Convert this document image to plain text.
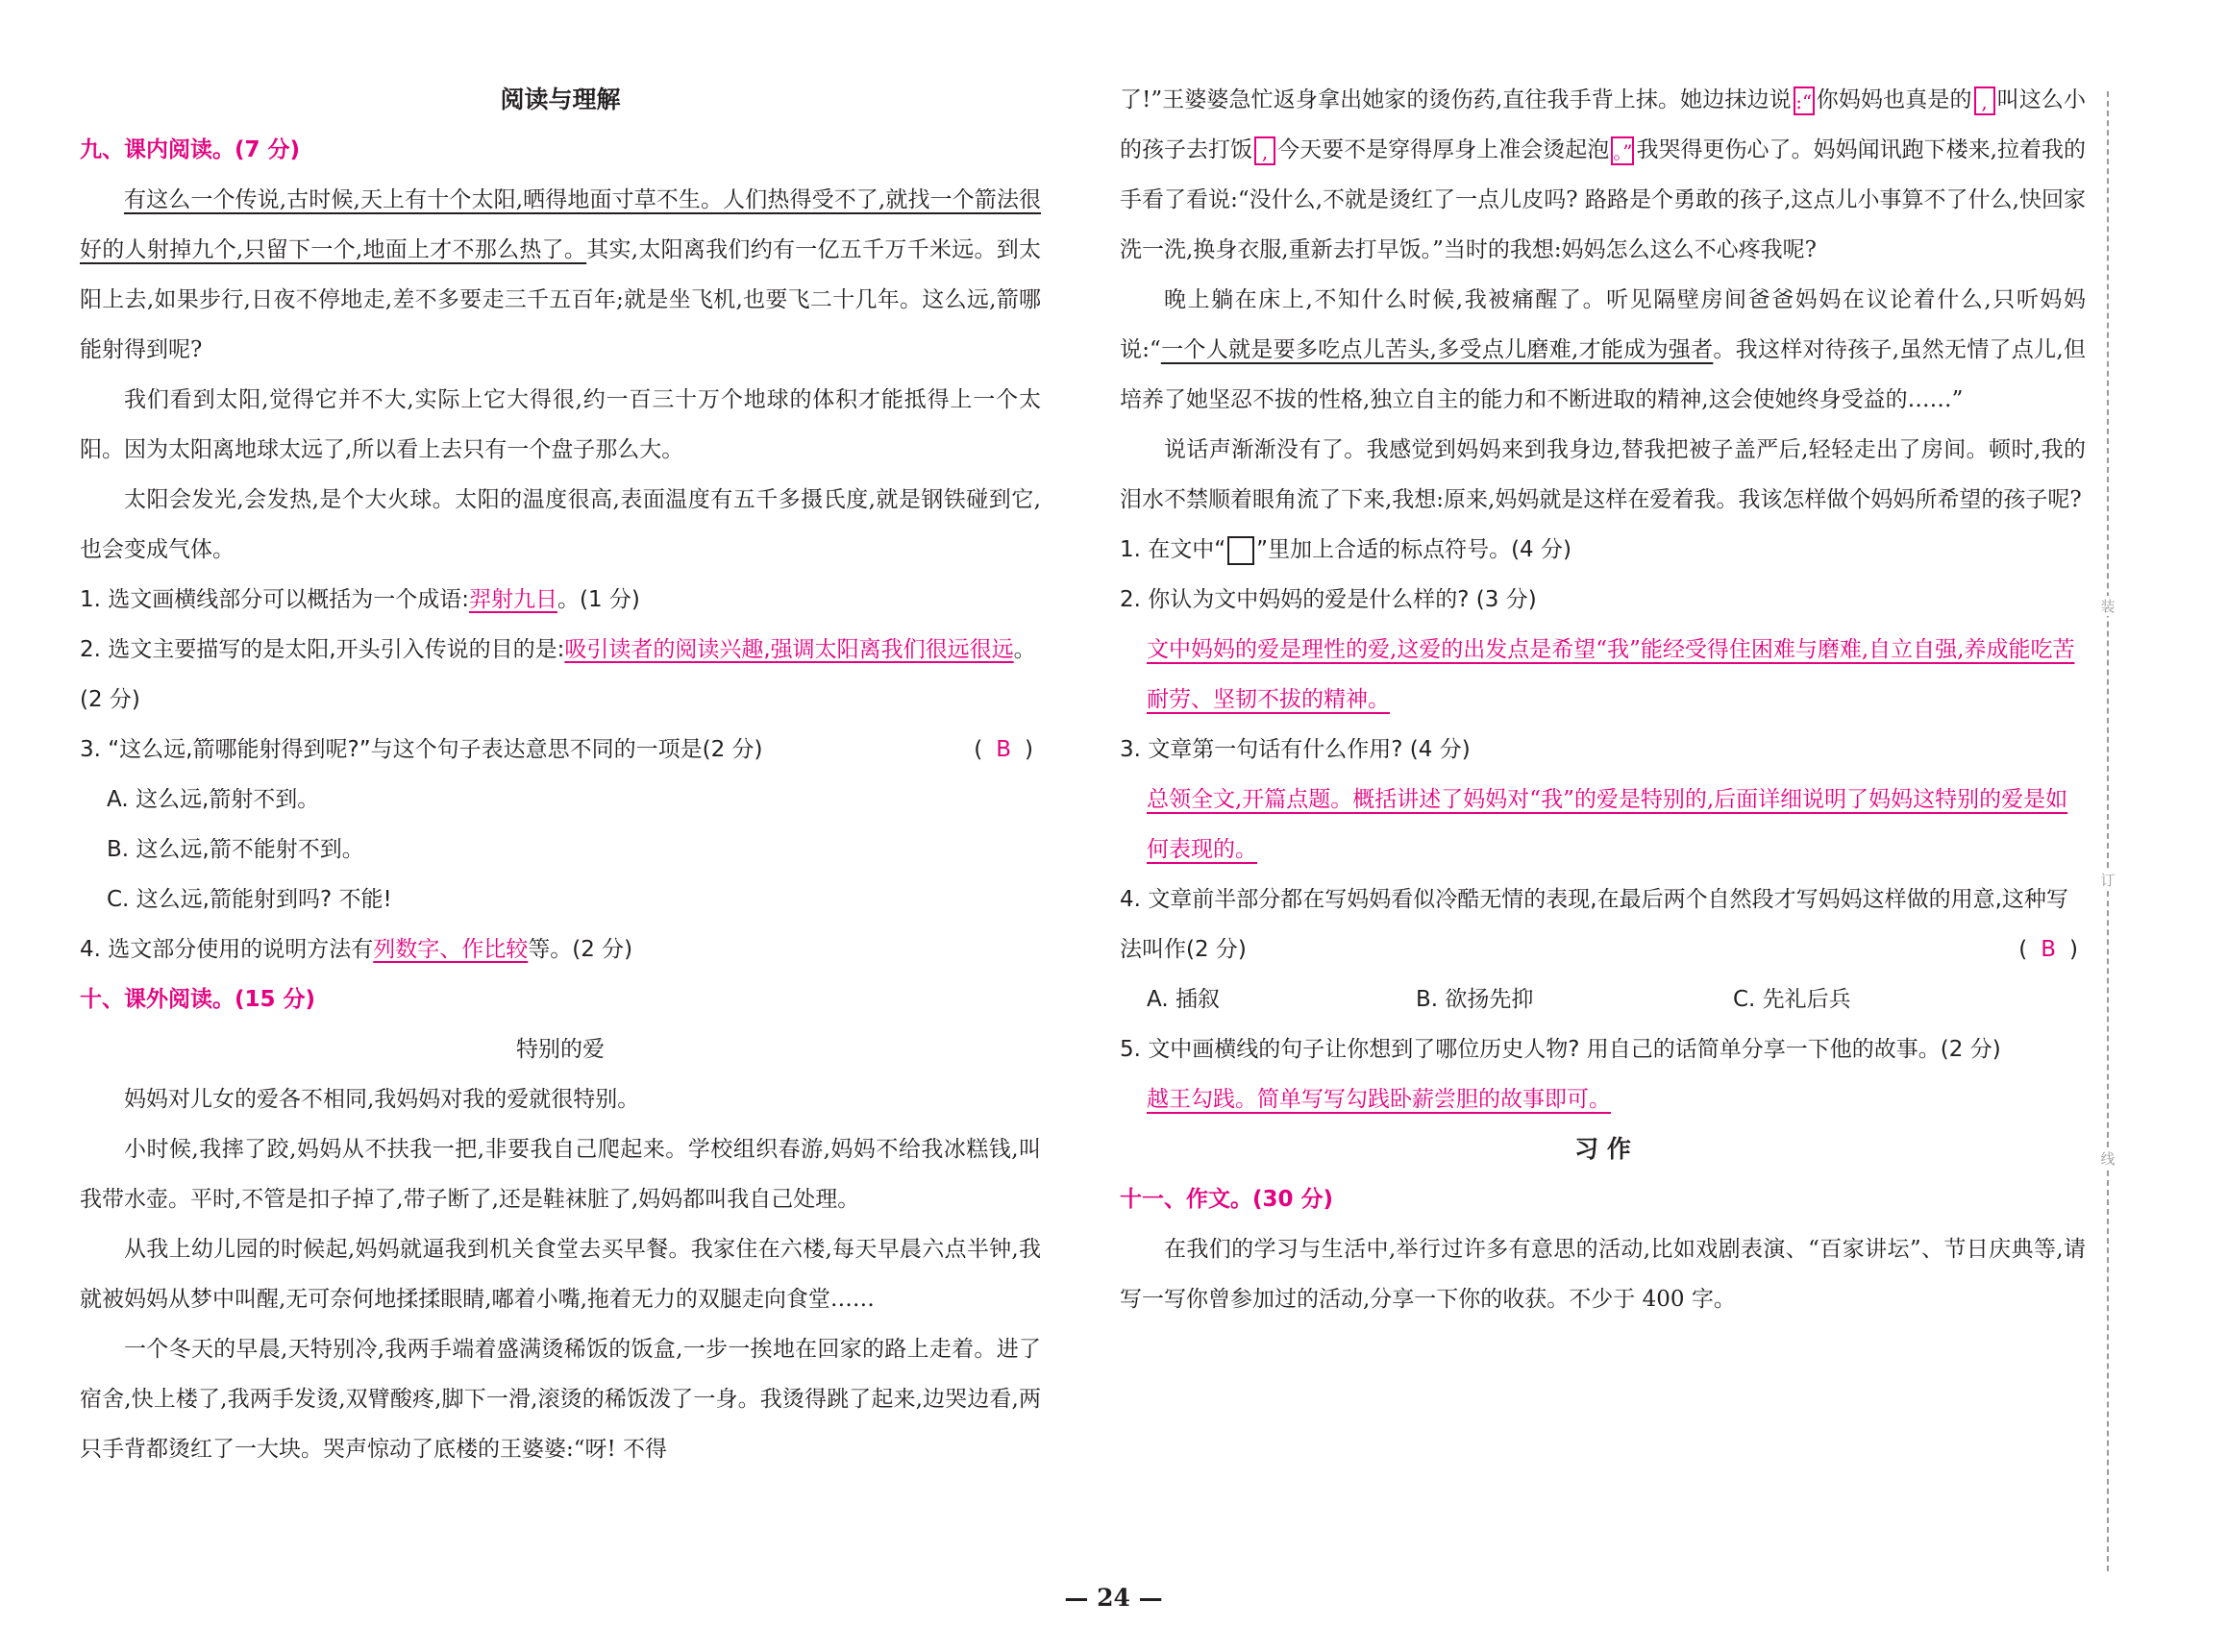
阅读与理解

九、课内阅读。(7 分)

有这么一个传说,古时候,天上有十个太阳,晒得地面寸草不生。人们热得受不了,就找一个箭法很好的人射掉九个,只留下一个,地面上才不那么热了。其实,太阳离我们约有一亿五千万千米远。到太阳上去,如果步行,日夜不停地走,差不多要走三千五百年;就是坐飞机,也要飞二十几年。这么远,箭哪能射得到呢?

我们看到太阳,觉得它并不大,实际上它大得很,约一百三十万个地球的体积才能抵得上一个太阳。因为太阳离地球太远了,所以看上去只有一个盘子那么大。

太阳会发光,会发热,是个大火球。太阳的温度很高,表面温度有五千多摄氏度,就是钢铁碰到它,也会变成气体。

1. 选文画横线部分可以概括为一个成语:羿射九日。(1 分)

2. 选文主要描写的是太阳,开头引入传说的目的是:吸引读者的阅读兴趣,强调太阳离我们很远很远。(2 分)

3. “这么远,箭哪能射得到呢?”与这个句子表达意思不同的一项是(2 分)	( B )

A. 这么远,箭射不到。

B. 这么远,箭不能射不到。

C. 这么远,箭能射到吗? 不能!

4. 选文部分使用的说明方法有列数字、作比较等。(2 分)

十、课外阅读。(15 分)

特别的爱

妈妈对儿女的爱各不相同,我妈妈对我的爱就很特别。

小时候,我摔了跤,妈妈从不扶我一把,非要我自己爬起来。学校组织春游,妈妈不给我冰糕钱,叫我带水壶。平时,不管是扣子掉了,带子断了,还是鞋袜脏了,妈妈都叫我自己处理。

从我上幼儿园的时候起,妈妈就逼我到机关食堂去买早餐。我家住在六楼,每天早晨六点半钟,我就被妈妈从梦中叫醒,无可奈何地揉揉眼睛,嘟着小嘴,拖着无力的双腿走向食堂……

一个冬天的早晨,天特别冷,我两手端着盛满烫稀饭的饭盒,一步一挨地在回家的路上走着。进了宿舍,快上楼了,我两手发烫,双臂酸疼,脚下一滑,滚烫的稀饭泼了一身。我烫得跳了起来,边哭边看,两只手背都烫红了一大块。哭声惊动了底楼的王婆婆:“呀! 不得

了!”王婆婆急忙返身拿出她家的烫伤药,直往我手背上抹。她边抹边说 :“ 你妈妈也真是的 , 叫这么小的孩子去打饭 , 今天要不是穿得厚身上准会烫起泡 。” 我哭得更伤心了。妈妈闻讯跑下楼来,拉着我的手看了看说:“没什么,不就是烫红了一点儿皮吗? 路路是个勇敢的孩子,这点儿小事算不了什么,快回家洗一洗,换身衣服,重新去打早饭。”当时的我想:妈妈怎么这么不心疼我呢?

晚上躺在床上,不知什么时候,我被痛醒了。听见隔壁房间爸爸妈妈在议论着什么,只听妈妈说:“一个人就是要多吃点儿苦头,多受点儿磨难,才能成为强者。我这样对待孩子,虽然无情了点儿,但培养了她坚忍不拔的性格,独立自主的能力和不断进取的精神,这会使她终身受益的……”

说话声渐渐没有了。我感觉到妈妈来到我身边,替我把被子盖严后,轻轻走出了房间。顿时,我的泪水不禁顺着眼角流了下来,我想:原来,妈妈就是这样在爱着我。我该怎样做个妈妈所希望的孩子呢?

1. 在文中“ ”里加上合适的标点符号。(4 分)

2. 你认为文中妈妈的爱是什么样的? (3 分)

文中妈妈的爱是理性的爱,这爱的出发点是希望“我”能经受得住困难与磨难,自立自强,养成能吃苦耐劳、坚韧不拔的精神。

3. 文章第一句话有什么作用? (4 分)

总领全文,开篇点题。概括讲述了妈妈对“我”的爱是特别的,后面详细说明了妈妈这特别的爱是如何表现的。

4. 文章前半部分都在写妈妈看似冷酷无情的表现,在最后两个自然段才写妈妈这样做的用意,这种写法叫作(2 分)	( B )

A. 插叙	B. 欲扬先抑	C. 先礼后兵

5. 文中画横线的句子让你想到了哪位历史人物? 用自己的话简单分享一下他的故事。(2 分)

越王勾践。简单写写勾践卧薪尝胆的故事即可。

习 作

十一、作文。(30 分)

在我们的学习与生活中,举行过许多有意思的活动,比如戏剧表演、“百家讲坛”、节日庆典等,请写一写你曾参加过的活动,分享一下你的收获。不少于 400 字。

装
订
线
— 24 —
